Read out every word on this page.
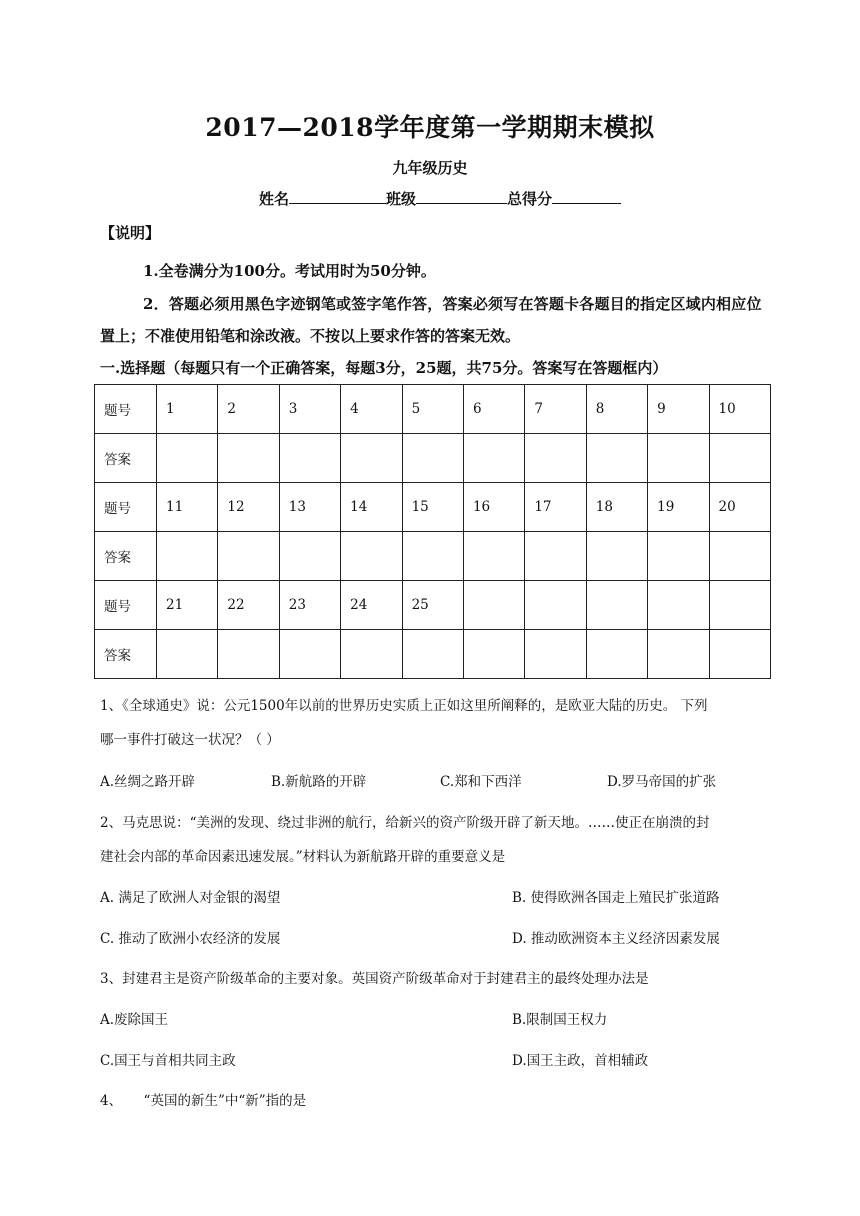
2017—2018学年度第一学期期末模拟
九年级历史
姓名	班级	总得分
【说明】
1.全卷满分为100分。考试用时为50分钟。
2．答题必须用黑色字迹钢笔或签字笔作答，答案必须写在答题卡各题目的指定区域内相应位
置上；不准使用铅笔和涂改液。不按以上要求作答的答案无效。
一.选择题（每题只有一个正确答案，每题3分，25题，共75分。答案写在答题框内）
题号	1	2	3	4	5	6	7	8	9	10
答案										
题号	11	12	13	14	15	16	17	18	19	20
答案										
题号	21	22	23	24	25					
答案										
1、《全球通史》说：公元1500年以前的世界历史实质上正如这里所阐释的，是欧亚大陆的历史。 下列
哪一事件打破这一状况？（ ）
A.丝绸之路开辟	B.新航路的开辟	C.郑和下西洋	D.罗马帝国的扩张
2、马克思说：“美洲的发现、绕过非洲的航行，给新兴的资产阶级开辟了新天地。……使正在崩溃的封
建社会内部的革命因素迅速发展。”材料认为新航路开辟的重要意义是
A. 满足了欧洲人对金银的渴望	B. 使得欧洲各国走上殖民扩张道路
C. 推动了欧洲小农经济的发展	D. 推动欧洲资本主义经济因素发展
3、封建君主是资产阶级革命的主要对象。英国资产阶级革命对于封建君主的最终处理办法是
A.废除国王	B.限制国王权力
C.国王与首相共同主政	D.国王主政，首相辅政
4、     “英国的新生”中“新”指的是
